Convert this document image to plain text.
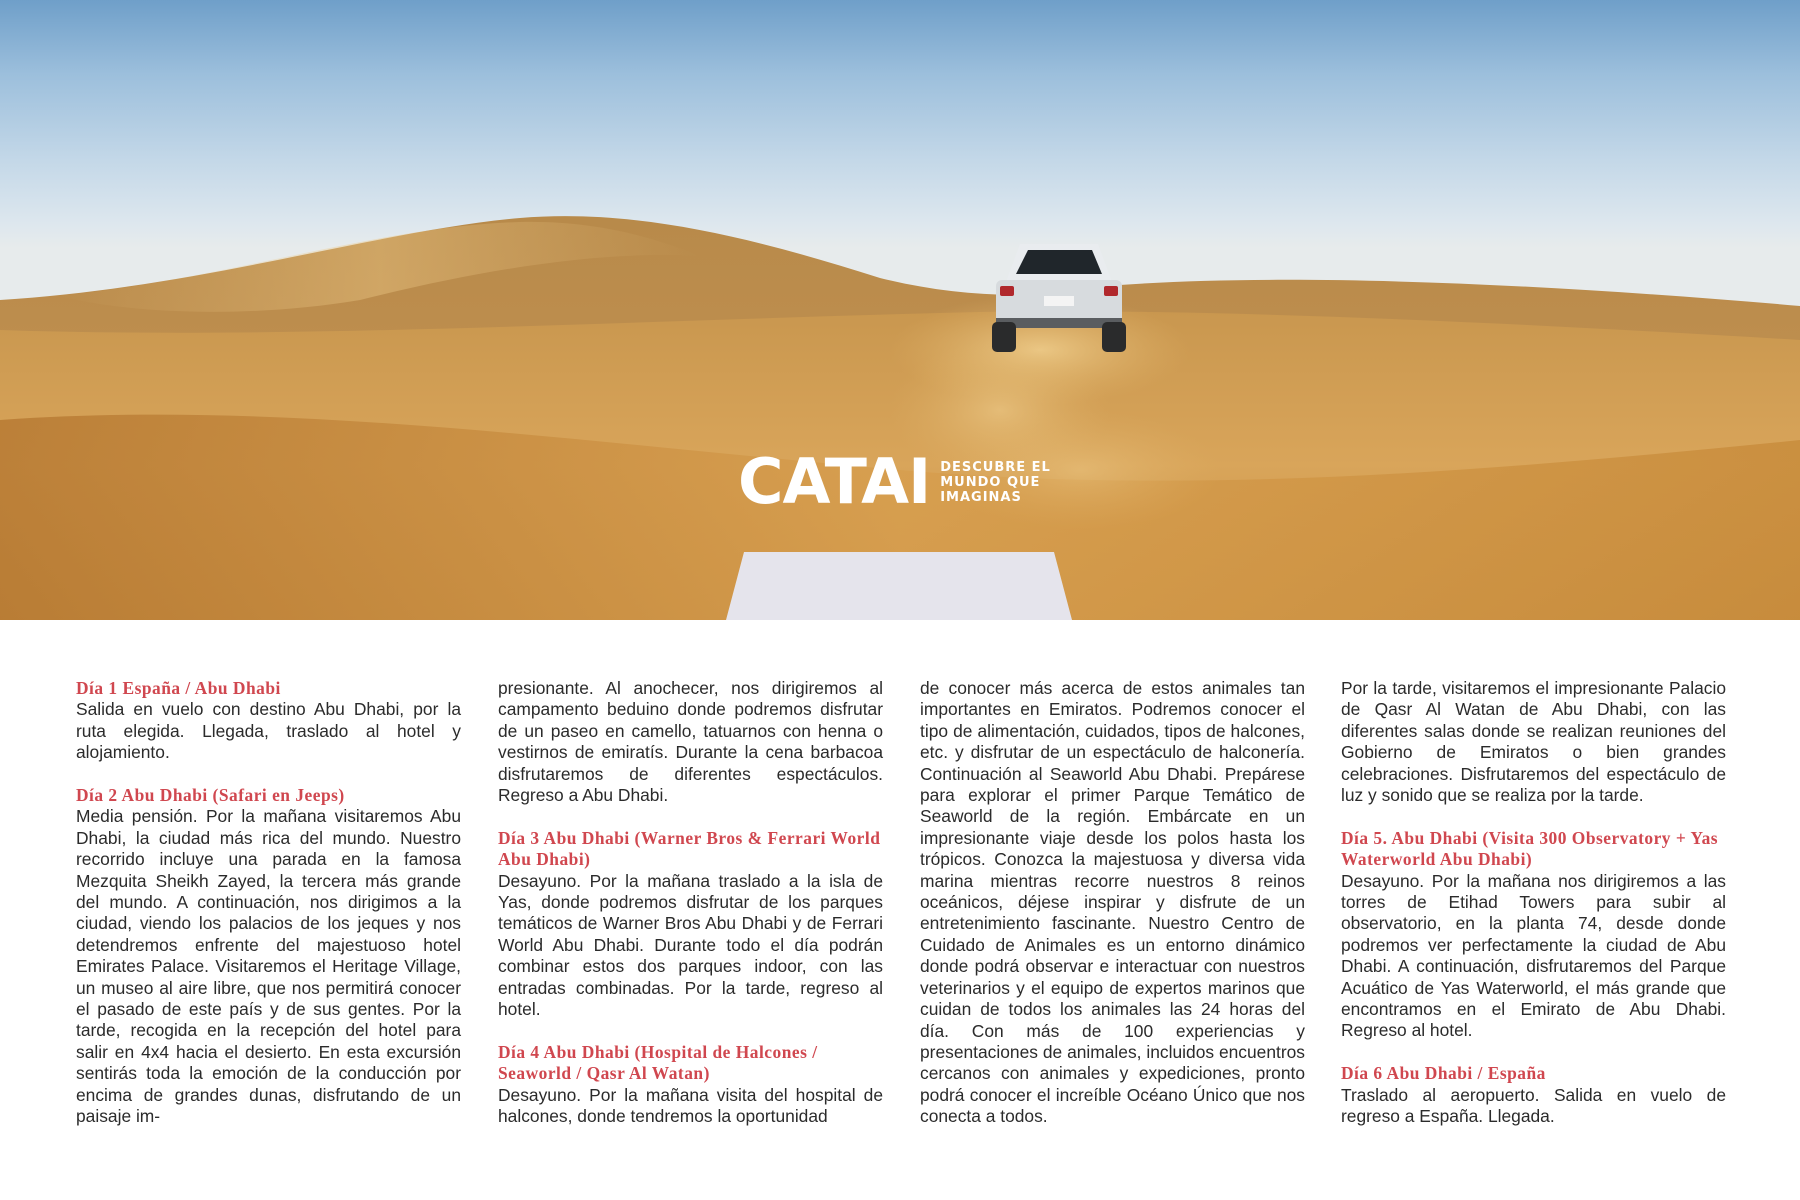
CATAI DESCUBRE EL
MUNDO QUE
IMAGINAS
Día 1 España / Abu Dhabi

Salida en vuelo con destino Abu Dhabi, por la ruta elegida. Llegada, traslado al hotel y alojamiento.

Día 2 Abu Dhabi (Safari en Jeeps)

Media pensión. Por la mañana visitaremos Abu Dhabi, la ciudad más rica del mundo. Nuestro recorrido incluye una parada en la famosa Mezquita Sheikh Zayed, la tercera más grande del mundo. A continuación, nos dirigimos a la ciudad, viendo los palacios de los jeques y nos detendremos enfrente del majestuoso hotel Emirates Palace. Visitaremos el Heritage Village, un museo al aire libre, que nos permitirá conocer el pasado de este país y de sus gentes. Por la tarde, recogida en la recepción del hotel para salir en 4x4 hacia el desierto. En esta excursión sentirás toda la emoción de la conducción por encima de grandes dunas, disfrutando de un paisaje im-

presionante. Al anochecer, nos dirigiremos al campamento beduino donde podremos disfrutar de un paseo en camello, tatuarnos con henna o vestirnos de emiratís. Durante la cena barbacoa disfrutaremos de diferentes espectáculos. Regreso a Abu Dhabi.

Día 3 Abu Dhabi (Warner Bros & Ferrari World Abu Dhabi)

Desayuno. Por la mañana traslado a la isla de Yas, donde podremos disfrutar de los parques temáticos de Warner Bros Abu Dhabi y de Ferrari World Abu Dhabi. Durante todo el día podrán combinar estos dos parques indoor, con las entradas combinadas. Por la tarde, regreso al hotel.

Día 4 Abu Dhabi (Hospital de Halcones / Seaworld / Qasr Al Watan)

Desayuno. Por la mañana visita del hospital de halcones, donde tendremos la oportunidad

de conocer más acerca de estos animales tan importantes en Emiratos. Podremos conocer el tipo de alimentación, cuidados, tipos de halcones, etc. y disfrutar de un espectáculo de halconería. Continuación al Seaworld Abu Dhabi. Prepárese para explorar el primer Parque Temático de Seaworld de la región. Embárcate en un impresionante viaje desde los polos hasta los trópicos. Conozca la majestuosa y diversa vida marina mientras recorre nuestros 8 reinos oceánicos, déjese inspirar y disfrute de un entretenimiento fascinante. Nuestro Centro de Cuidado de Animales es un entorno dinámico donde podrá observar e interactuar con nuestros veterinarios y el equipo de expertos marinos que cuidan de todos los animales las 24 horas del día. Con más de 100 experiencias y presentaciones de animales, incluidos encuentros cercanos con animales y expediciones, pronto podrá conocer el increíble Océano Único que nos conecta a todos.

Por la tarde, visitaremos el impresionante Palacio de Qasr Al Watan de Abu Dhabi, con las diferentes salas donde se realizan reuniones del Gobierno de Emiratos o bien grandes celebraciones. Disfrutaremos del espectáculo de luz y sonido que se realiza por la tarde.

Día 5. Abu Dhabi (Visita 300 Observatory + Yas Waterworld Abu Dhabi)

Desayuno. Por la mañana nos dirigiremos a las torres de Etihad Towers para subir al observatorio, en la planta 74, desde donde podremos ver perfectamente la ciudad de Abu Dhabi. A continuación, disfrutaremos del Parque Acuático de Yas Waterworld, el más grande que encontramos en el Emirato de Abu Dhabi. Regreso al hotel.

Día 6 Abu Dhabi / España

Traslado al aeropuerto. Salida en vuelo de regreso a España. Llegada.
